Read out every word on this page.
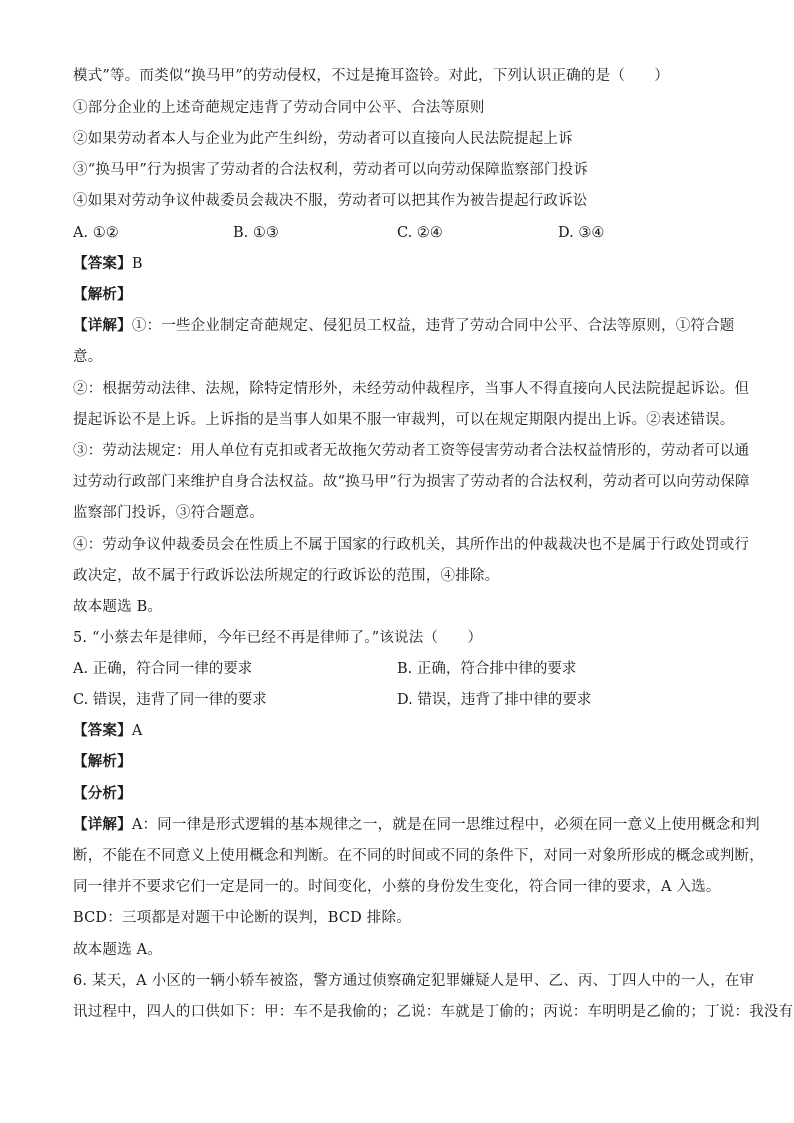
模式”等。而类似“换马甲”的劳动侵权，不过是掩耳盗铃。对此，下列认识正确的是（　　）
①部分企业的上述奇葩规定违背了劳动合同中公平、合法等原则
②如果劳动者本人与企业为此产生纠纷，劳动者可以直接向人民法院提起上诉
③“换马甲”行为损害了劳动者的合法权利，劳动者可以向劳动保障监察部门投诉
④如果对劳动争议仲裁委员会裁决不服，劳动者可以把其作为被告提起行政诉讼
A. ①②	B. ①③	C. ②④	D. ③④
【答案】B
【解析】
【详解】①：一些企业制定奇葩规定、侵犯员工权益，违背了劳动合同中公平、合法等原则，①符合题
意。
②：根据劳动法律、法规，除特定情形外，未经劳动仲裁程序，当事人不得直接向人民法院提起诉讼。但
提起诉讼不是上诉。上诉指的是当事人如果不服一审裁判，可以在规定期限内提出上诉。②表述错误。
③：劳动法规定：用人单位有克扣或者无故拖欠劳动者工资等侵害劳动者合法权益情形的，劳动者可以通
过劳动行政部门来维护自身合法权益。故“换马甲”行为损害了劳动者的合法权利，劳动者可以向劳动保障
监察部门投诉，③符合题意。
④：劳动争议仲裁委员会在性质上不属于国家的行政机关，其所作出的仲裁裁决也不是属于行政处罚或行
政决定，故不属于行政诉讼法所规定的行政诉讼的范围，④排除。
故本题选 B。
5. “小蔡去年是律师，今年已经不再是律师了。”该说法（　　）
A. 正确，符合同一律的要求	B. 正确，符合排中律的要求
C. 错误，违背了同一律的要求	D. 错误，违背了排中律的要求
【答案】A
【解析】
【分析】
【详解】A：同一律是形式逻辑的基本规律之一，就是在同一思维过程中，必须在同一意义上使用概念和判
断，不能在不同意义上使用概念和判断。在不同的时间或不同的条件下，对同一对象所形成的概念或判断，
同一律并不要求它们一定是同一的。时间变化，小蔡的身份发生变化，符合同一律的要求，A 入选。
BCD：三项都是对题干中论断的误判，BCD 排除。
故本题选 A。
6. 某天，A 小区的一辆小轿车被盗，警方通过侦察确定犯罪嫌疑人是甲、乙、丙、丁四人中的一人，在审
讯过程中，四人的口供如下：甲：车不是我偷的；乙说：车就是丁偷的；丙说：车明明是乙偷的；丁说：我没有
